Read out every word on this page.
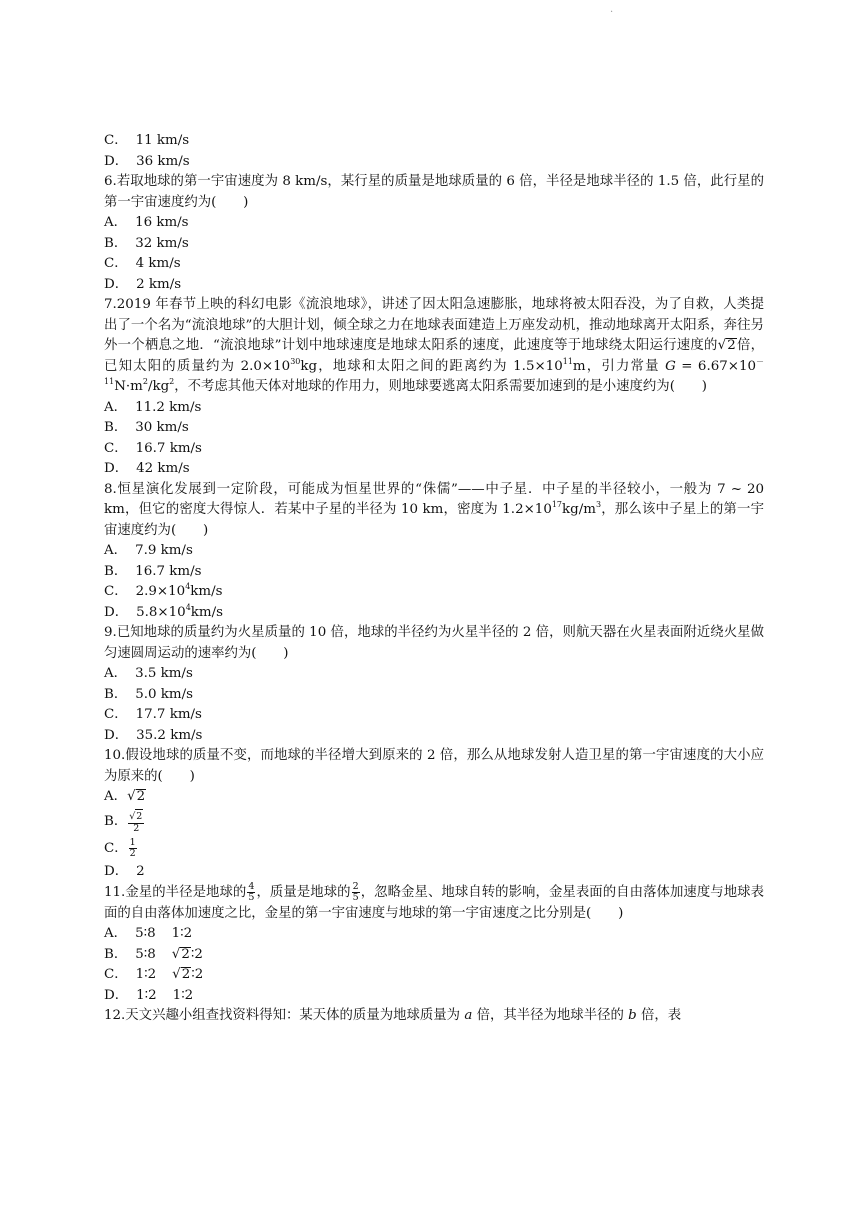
.
C． 11 km/s
D． 36 km/s
6.若取地球的第一宇宙速度为 8 km/s，某行星的质量是地球质量的 6 倍，半径是地球半径的 1.5 倍，此行星的第一宇宙速度约为(　　)
A． 16 km/s
B． 32 km/s
C． 4 km/s
D． 2 km/s
7.2019 年春节上映的科幻电影《流浪地球》，讲述了因太阳急速膨胀，地球将被太阳吞没，为了自救，人类提出了一个名为“流浪地球”的大胆计划，倾全球之力在地球表面建造上万座发动机，推动地球离开太阳系，奔往另外一个栖息之地．“流浪地球”计划中地球速度是地球太阳系的速度，此速度等于地球绕太阳运行速度的√2倍，已知太阳的质量约为 $2.0\times 10^{30}kg$，地球和太阳之间的距离约为 $1.5\times 10^{11}m$，引力常量 $G = 6.67\times 10^{-11}N\cdot m^2/kg^2$，不考虑其他天体对地球的作用力，则地球要逃离太阳系需要加速到的是小速度约为(　　)
A． 11.2 km/s
B． 30 km/s
C． 16.7 km/s
D． 42 km/s
8.恒星演化发展到一定阶段，可能成为恒星世界的“侏儒”——中子星．中子星的半径较小，一般为 7 ~ 20 km，但它的密度大得惊人．若某中子星的半径为 10 km，密度为 $1.2\times 10^{17}kg/m^3$，那么该中子星上的第一宇宙速度约为(　　)
A． 7.9 km/s
B． 16.7 km/s
C． $2.9\times 10^4km/s$
D． $5.8\times 10^4km/s$
9.已知地球的质量约为火星质量的 10 倍，地球的半径约为火星半径的 2 倍，则航天器在火星表面附近绕火星做匀速圆周运动的速率约为(　　)
A． 3.5 km/s
B． 5.0 km/s
C． 17.7 km/s
D． 35.2 km/s
10.假设地球的质量不变，而地球的半径增大到原来的 2 倍，那么从地球发射人造卫星的第一宇宙速度的大小应为原来的(　　)
A．√2
B． $\frac{√2}{2}$
C． $\frac{1}{2}$
D． 2
11.金星的半径是地球的 $\frac{4}{5}$ ，质量是地球的 $\frac{2}{5}$ ，忽略金星、地球自转的影响，金星表面的自由落体加速度与地球表面的自由落体加速度之比，金星的第一宇宙速度与地球的第一宇宙速度之比分别是(　　)
A． 5∶8 1∶2
B． 5∶8 √2∶2
C． 1∶2 √2∶2
D． 1∶2 1∶2
12.天文兴趣小组查找资料得知：某天体的质量为地球质量为 a 倍，其半径为地球半径的 b 倍，表
